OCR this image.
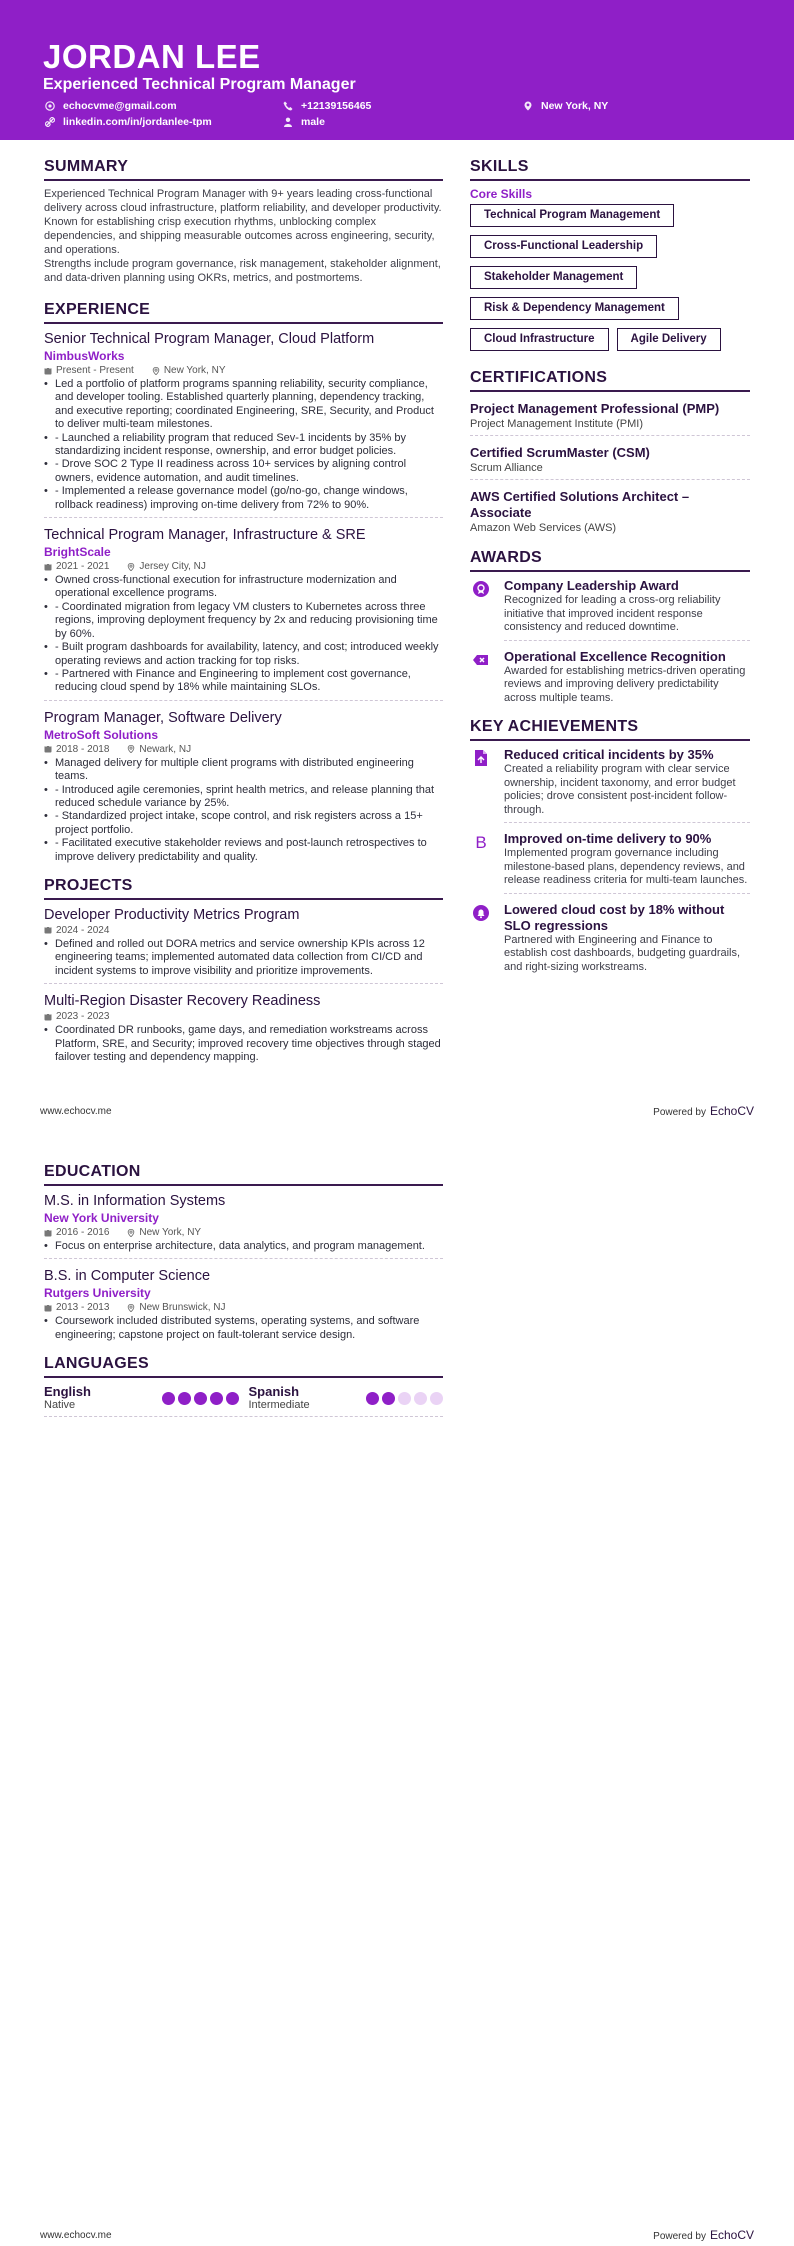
JORDAN LEE
Experienced Technical Program Manager
echocvme@gmail.com	+12139156465	New York, NY
linkedin.com/in/jordanlee-tpm	male
SUMMARY
Experienced Technical Program Manager with 9+ years leading cross-functional delivery across cloud infrastructure, platform reliability, and developer productivity. Known for establishing crisp execution rhythms, unblocking complex dependencies, and shipping measurable outcomes across engineering, security, and operations.
Strengths include program governance, risk management, stakeholder alignment, and data-driven planning using OKRs, metrics, and postmortems.
EXPERIENCE
Senior Technical Program Manager, Cloud Platform
NimbusWorks
Present - Present	New York, NY
• Led a portfolio of platform programs spanning reliability, security compliance, and developer tooling. Established quarterly planning, dependency tracking, and executive reporting; coordinated Engineering, SRE, Security, and Product to deliver multi-team milestones.
• - Launched a reliability program that reduced Sev-1 incidents by 35% by standardizing incident response, ownership, and error budget policies.
• - Drove SOC 2 Type II readiness across 10+ services by aligning control owners, evidence automation, and audit timelines.
• - Implemented a release governance model (go/no-go, change windows, rollback readiness) improving on-time delivery from 72% to 90%.
Technical Program Manager, Infrastructure & SRE
BrightScale
2021 - 2021	Jersey City, NJ
• Owned cross-functional execution for infrastructure modernization and operational excellence programs.
• - Coordinated migration from legacy VM clusters to Kubernetes across three regions, improving deployment frequency by 2x and reducing provisioning time by 60%.
• - Built program dashboards for availability, latency, and cost; introduced weekly operating reviews and action tracking for top risks.
• - Partnered with Finance and Engineering to implement cost governance, reducing cloud spend by 18% while maintaining SLOs.
Program Manager, Software Delivery
MetroSoft Solutions
2018 - 2018	Newark, NJ
• Managed delivery for multiple client programs with distributed engineering teams.
• - Introduced agile ceremonies, sprint health metrics, and release planning that reduced schedule variance by 25%.
• - Standardized project intake, scope control, and risk registers across a 15+ project portfolio.
• - Facilitated executive stakeholder reviews and post-launch retrospectives to improve delivery predictability and quality.
PROJECTS
Developer Productivity Metrics Program
2024 - 2024
• Defined and rolled out DORA metrics and service ownership KPIs across 12 engineering teams; implemented automated data collection from CI/CD and incident systems to improve visibility and prioritize improvements.
Multi-Region Disaster Recovery Readiness
2023 - 2023
• Coordinated DR runbooks, game days, and remediation workstreams across Platform, SRE, and Security; improved recovery time objectives through staged failover testing and dependency mapping.
SKILLS
Core Skills
Technical Program Management
Cross-Functional Leadership
Stakeholder Management
Risk & Dependency Management
Cloud Infrastructure	Agile Delivery
CERTIFICATIONS
Project Management Professional (PMP)
Project Management Institute (PMI)
Certified ScrumMaster (CSM)
Scrum Alliance
AWS Certified Solutions Architect – Associate
Amazon Web Services (AWS)
AWARDS
Company Leadership Award
Recognized for leading a cross-org reliability initiative that improved incident response consistency and reduced downtime.
Operational Excellence Recognition
Awarded for establishing metrics-driven operating reviews and improving delivery predictability across multiple teams.
KEY ACHIEVEMENTS
Reduced critical incidents by 35%
Created a reliability program with clear service ownership, incident taxonomy, and error budget policies; drove consistent post-incident follow-through.
B Improved on-time delivery to 90%
Implemented program governance including milestone-based plans, dependency reviews, and release readiness criteria for multi-team launches.
Lowered cloud cost by 18% without SLO regressions
Partnered with Engineering and Finance to establish cost dashboards, budgeting guardrails, and right-sizing workstreams.
www.echocv.me	Powered by EchoCV
EDUCATION
M.S. in Information Systems
New York University
2016 - 2016	New York, NY
• Focus on enterprise architecture, data analytics, and program management.
B.S. in Computer Science
Rutgers University
2013 - 2013	New Brunswick, NJ
• Coursework included distributed systems, operating systems, and software engineering; capstone project on fault-tolerant service design.
LANGUAGES
English
Native
Spanish
Intermediate
www.echocv.me	Powered by EchoCV
